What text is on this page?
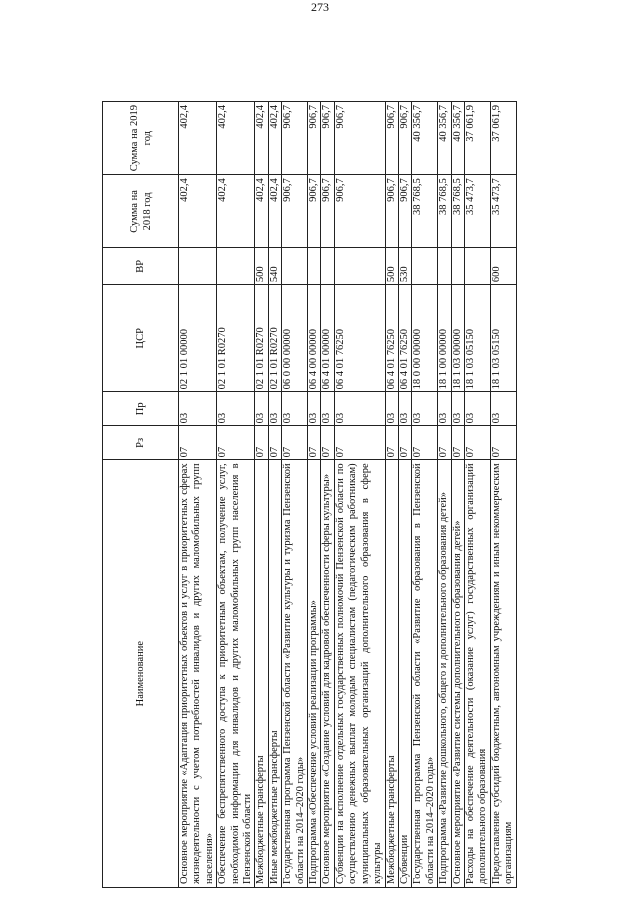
273
Наименование	Рз	Пр	ЦСР	ВР	Сумма на 2018 год	Сумма на 2019 год
Основное мероприятие «Адаптация приоритетных объектов и услуг в приоритетных сферах жизнедеятельности с учетом потребностей инвалидов и других маломобильных групп населения»	07	03	02 1 01 00000		402,4	402,4
Обеспечение беспрепятственного доступа к приоритетным объектам, получение услуг, необходимой информации для инвалидов и других маломобильных групп населения в Пензенской области	07	03	02 1 01 R0270		402,4	402,4
Межбюджетные трансферты	07	03	02 1 01 R0270	500	402,4	402,4
Иные межбюджетные трансферты	07	03	02 1 01 R0270	540	402,4	402,4
Государственная программа Пензенской области «Развитие культуры и туризма Пензенской области на 2014–2020 годы»	07	03	06 0 00 00000		906,7	906,7
Подпрограмма «Обеспечение условий реализации программы»	07	03	06 4 00 00000		906,7	906,7
Основное мероприятие «Создание условий для кадровой обеспеченности сферы культуры»	07	03	06 4 01 00000		906,7	906,7
Субвенции на исполнение отдельных государственных полномочий Пензенской области по осуществлению денежных выплат молодым специалистам (педагогическим работникам) муниципальных образовательных организаций дополнительного образования в сфере культуры	07	03	06 4 01 76250		906,7	906,7
Межбюджетные трансферты	07	03	06 4 01 76250	500	906,7	906,7
Субвенции	07	03	06 4 01 76250	530	906,7	906,7
Государственная программа Пензенской области «Развитие образования в Пензенской области на 2014–2020 годы»	07	03	18 0 00 00000		38 768,5	40 356,7
Подпрограмма «Развитие дошкольного, общего и дополнительного образования детей»	07	03	18 1 00 00000		38 768,5	40 356,7
Основное мероприятие «Развитие системы дополнительного образования детей»	07	03	18 1 03 00000		38 768,5	40 356,7
Расходы на обеспечение деятельности (оказание услуг) государственных организаций дополнительного образования	07	03	18 1 03 05150		35 473,7	37 061,9
Предоставление субсидий бюджетным, автономным учреждениям и иным некоммерческим организациям	07	03	18 1 03 05150	600	35 473,7	37 061,9
